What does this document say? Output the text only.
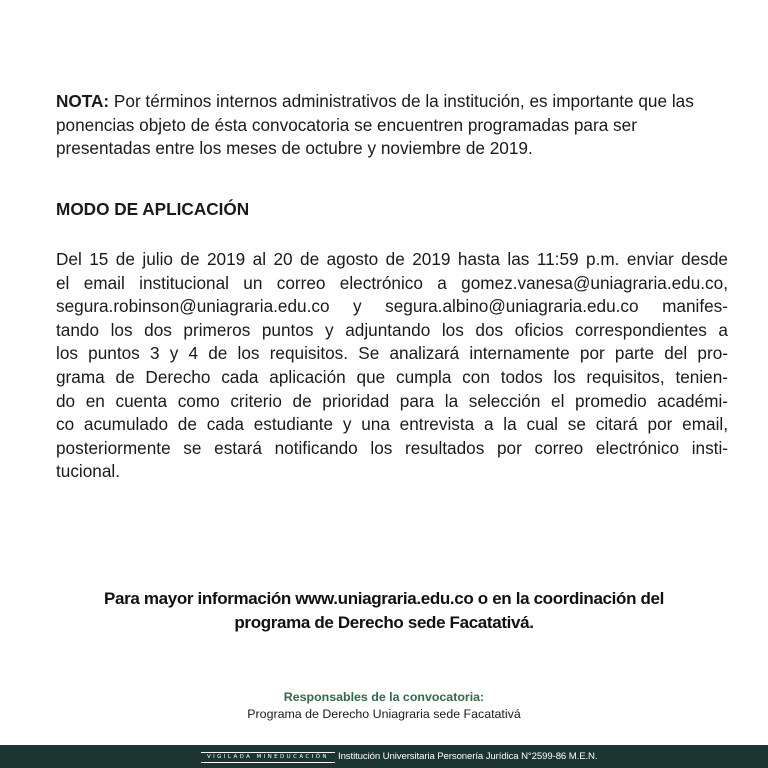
NOTA: Por términos internos administrativos de la institución, es importante que las ponencias objeto de ésta convocatoria se encuentren programadas para ser presentadas entre los meses de octubre y noviembre de 2019.
MODO DE APLICACIÓN
Del 15 de julio de 2019 al 20 de agosto de 2019 hasta las 11:59 p.m. enviar desde
el email institucional un correo electrónico a gomez.vanesa@uniagraria.edu.co,
segura.robinson@uniagraria.edu.co y segura.albino@uniagraria.edu.co manifes-
tando los dos primeros puntos y adjuntando los dos oficios correspondientes a
los puntos 3 y 4 de los requisitos. Se analizará internamente por parte del pro-
grama de Derecho cada aplicación que cumpla con todos los requisitos, tenien-
do en cuenta como criterio de prioridad para la selección el promedio académi-
co acumulado de cada estudiante y una entrevista a la cual se citará por email,
posteriormente se estará notificando los resultados por correo electrónico insti-
tucional.
Para mayor información www.uniagraria.edu.co o en la coordinación del
programa de Derecho sede Facatativá.
Responsables de la convocatoria:
Programa de Derecho Uniagraria sede Facatativá
VIGILADA MINEDUCACIÓN Institución Universitaria Personería Jurídica N°2599-86 M.E.N.
